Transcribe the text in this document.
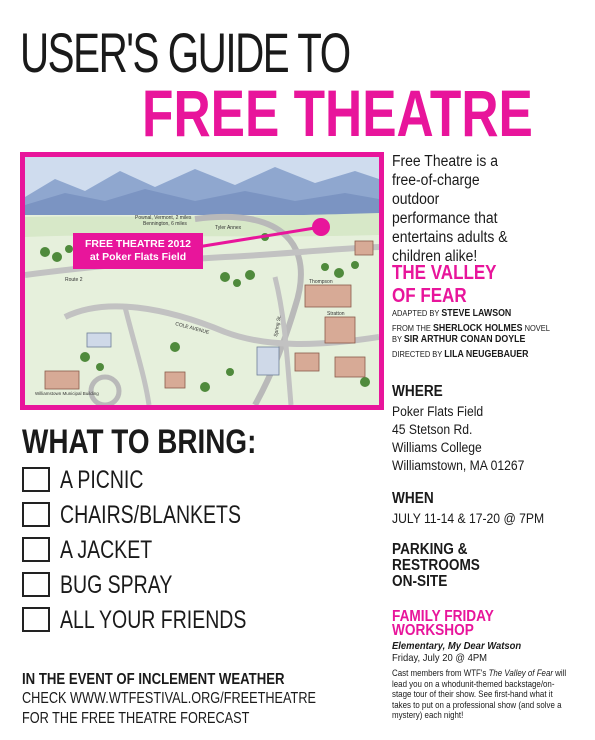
USER'S GUIDE TO
FREE THEATRE
Pownal, Vermont, 2 miles
Bennington, 6 miles
Tyler Annex
Route 2
COLE AVENUE
Williamstown Municipal Building
Thompson
Stratton
Spring St.
FREE THEATRE 2012
at Poker Flats Field
Free Theatre is a free-of-charge outdoor performance that entertains adults & children alike!
THE VALLEY
OF FEAR
ADAPTED BY STEVE LAWSON
FROM THE SHERLOCK HOLMES NOVEL
BY SIR ARTHUR CONAN DOYLE
DIRECTED BY LILA NEUGEBAUER
WHERE
Poker Flats Field
45 Stetson Rd.
Williams College
Williamstown, MA 01267
WHEN
JULY 11-14 & 17-20 @ 7PM
PARKING &
RESTROOMS
ON-SITE
FAMILY FRIDAY
WORKSHOP
Elementary, My Dear Watson
Friday, July 20 @ 4PM
Cast members from WTF's The Valley of Fear will lead you on a whodunit-themed backstage/on-stage tour of their show. See first-hand what it takes to put on a professional show (and solve a mystery) each night!
WHAT TO BRING:
A PICNIC
CHAIRS/BLANKETS
A JACKET
BUG SPRAY
ALL YOUR FRIENDS
IN THE EVENT OF INCLEMENT WEATHER
CHECK WWW.WTFESTIVAL.ORG/FREETHEATRE
FOR THE FREE THEATRE FORECAST
